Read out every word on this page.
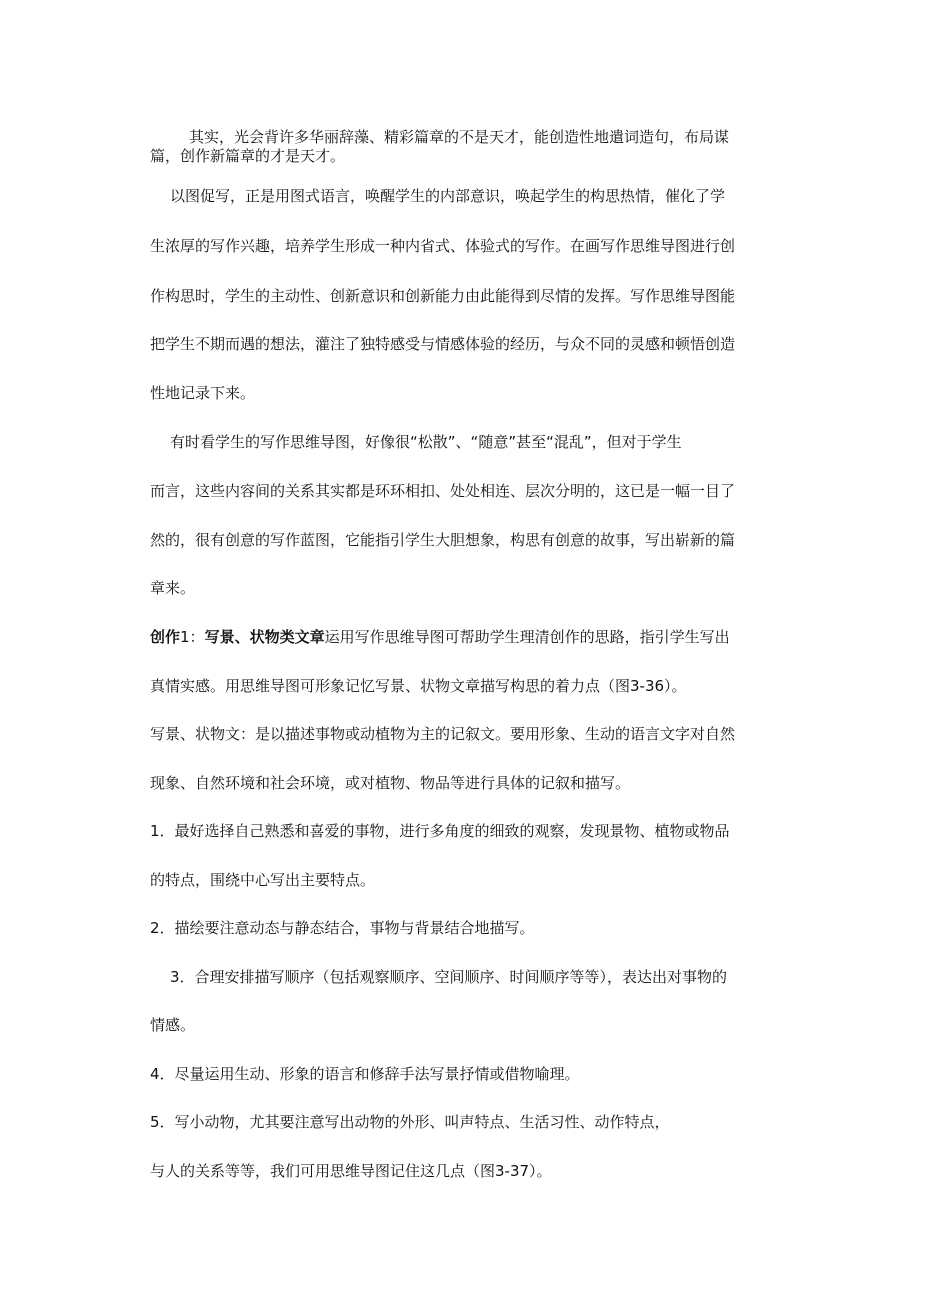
其实，光会背许多华丽辞藻、精彩篇章的不是天才，能创造性地遣词造句，布局谋
篇，创作新篇章的才是天才。
以图促写，正是用图式语言，唤醒学生的内部意识，唤起学生的构思热情，催化了学
生浓厚的写作兴趣，培养学生形成一种内省式、体验式的写作。在画写作思维导图进行创
作构思时，学生的主动性、创新意识和创新能力由此能得到尽情的发挥。写作思维导图能
把学生不期而遇的想法，灌注了独特感受与情感体验的经历，与众不同的灵感和顿悟创造
性地记录下来。
有时看学生的写作思维导图，好像很“松散”、“随意”甚至“混乱”，但对于学生
而言，这些内容间的关系其实都是环环相扣、处处相连、层次分明的，这已是一幅一目了
然的，很有创意的写作蓝图，它能指引学生大胆想象，构思有创意的故事，写出崭新的篇
章来。
创作1：写景、状物类文章运用写作思维导图可帮助学生理清创作的思路，指引学生写出
真情实感。用思维导图可形象记忆写景、状物文章描写构思的着力点（图3-36）。
写景、状物文：是以描述事物或动植物为主的记叙文。要用形象、生动的语言文字对自然
现象、自然环境和社会环境，或对植物、物品等进行具体的记叙和描写。
1．最好选择自己熟悉和喜爱的事物，进行多角度的细致的观察，发现景物、植物或物品
的特点，围绕中心写出主要特点。
2．描绘要注意动态与静态结合，事物与背景结合地描写。
3．合理安排描写顺序（包括观察顺序、空间顺序、时间顺序等等），表达出对事物的
情感。
4．尽量运用生动、形象的语言和修辞手法写景抒情或借物喻理。
5．写小动物，尤其要注意写出动物的外形、叫声特点、生活习性、动作特点，
与人的关系等等，我们可用思维导图记住这几点（图3-37）。
